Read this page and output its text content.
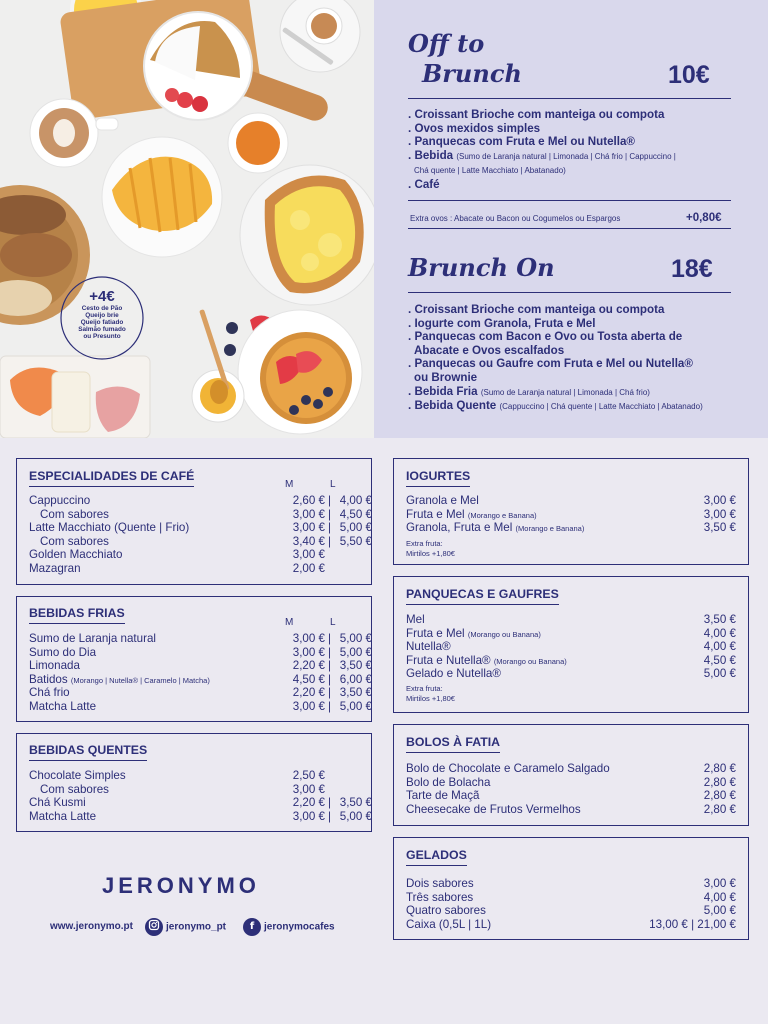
+4€
Cesto de Pão
Queijo brie
Queijo fatiado
Salmão fumado
ou Presunto
Off to
Brunch	10€
. Croissant Brioche com manteiga ou compota
. Ovos mexidos simples
. Panquecas com Fruta e Mel ou Nutella®
. Bebida (Sumo de Laranja natural | Limonada | Chá frio | Cappuccino |
Chá quente | Latte Macchiato | Abatanado)
. Café
Extra ovos : Abacate ou Bacon ou Cogumelos ou Espargos	+0,80€
Brunch On	18€
. Croissant Brioche com manteiga ou compota
. Iogurte com Granola, Fruta e Mel
. Panquecas com Bacon e Ovo ou Tosta aberta de
Abacate e Ovos escalfados
. Panquecas ou Gaufre com Fruta e Mel ou Nutella®
ou Brownie
. Bebida Fria (Sumo de Laranja natural | Limonada | Chá frio)
. Bebida Quente (Cappuccino | Chá quente | Latte Macchiato | Abatanado)
ESPECIALIDADES DE CAFÉ
M	L
Cappuccino	2,60 € | 4,00 €
Com sabores	3,00 € | 4,50 €
Latte Macchiato (Quente | Frio)	3,00 € | 5,00 €
Com sabores	3,40 € | 5,50 €
Golden Macchiato	3,00 €
Mazagran	2,00 €
BEBIDAS FRIAS
M	L
Sumo de Laranja natural	3,00 € | 5,00 €
Sumo do Dia	3,00 € | 5,00 €
Limonada	2,20 € | 3,50 €
Batidos (Morango | Nutella® | Caramelo | Matcha)	4,50 € | 6,00 €
Chá frio	2,20 € | 3,50 €
Matcha Latte	3,00 € | 5,00 €
BEBIDAS QUENTES
Chocolate Simples	2,50 €
Com sabores	3,00 €
Chá Kusmi	2,20 € | 3,50 €
Matcha Latte	3,00 € | 5,00 €
IOGURTES
Granola e Mel	3,00 €
Fruta e Mel (Morango e Banana)	3,00 €
Granola, Fruta e Mel (Morango e Banana)	3,50 €
Extra fruta:
Mirtilos +1,80€
PANQUECAS E GAUFRES
Mel	3,50 €
Fruta e Mel (Morango ou Banana)	4,00 €
Nutella®	4,00 €
Fruta e Nutella® (Morango ou Banana)	4,50 €
Gelado e Nutella®	5,00 €
Extra fruta:
Mirtilos +1,80€
BOLOS À FATIA
Bolo de Chocolate e Caramelo Salgado	2,80 €
Bolo de Bolacha	2,80 €
Tarte de Maçã	2,80 €
Cheesecake de Frutos Vermelhos	2,80 €
GELADOS
Dois sabores	3,00 €
Três sabores	4,00 €
Quatro sabores	5,00 €
Caixa (0,5L | 1L)	13,00 € | 21,00 €
JERONYMO
www.jeronymo.pt	jeronymo_pt	f jeronymocafes
